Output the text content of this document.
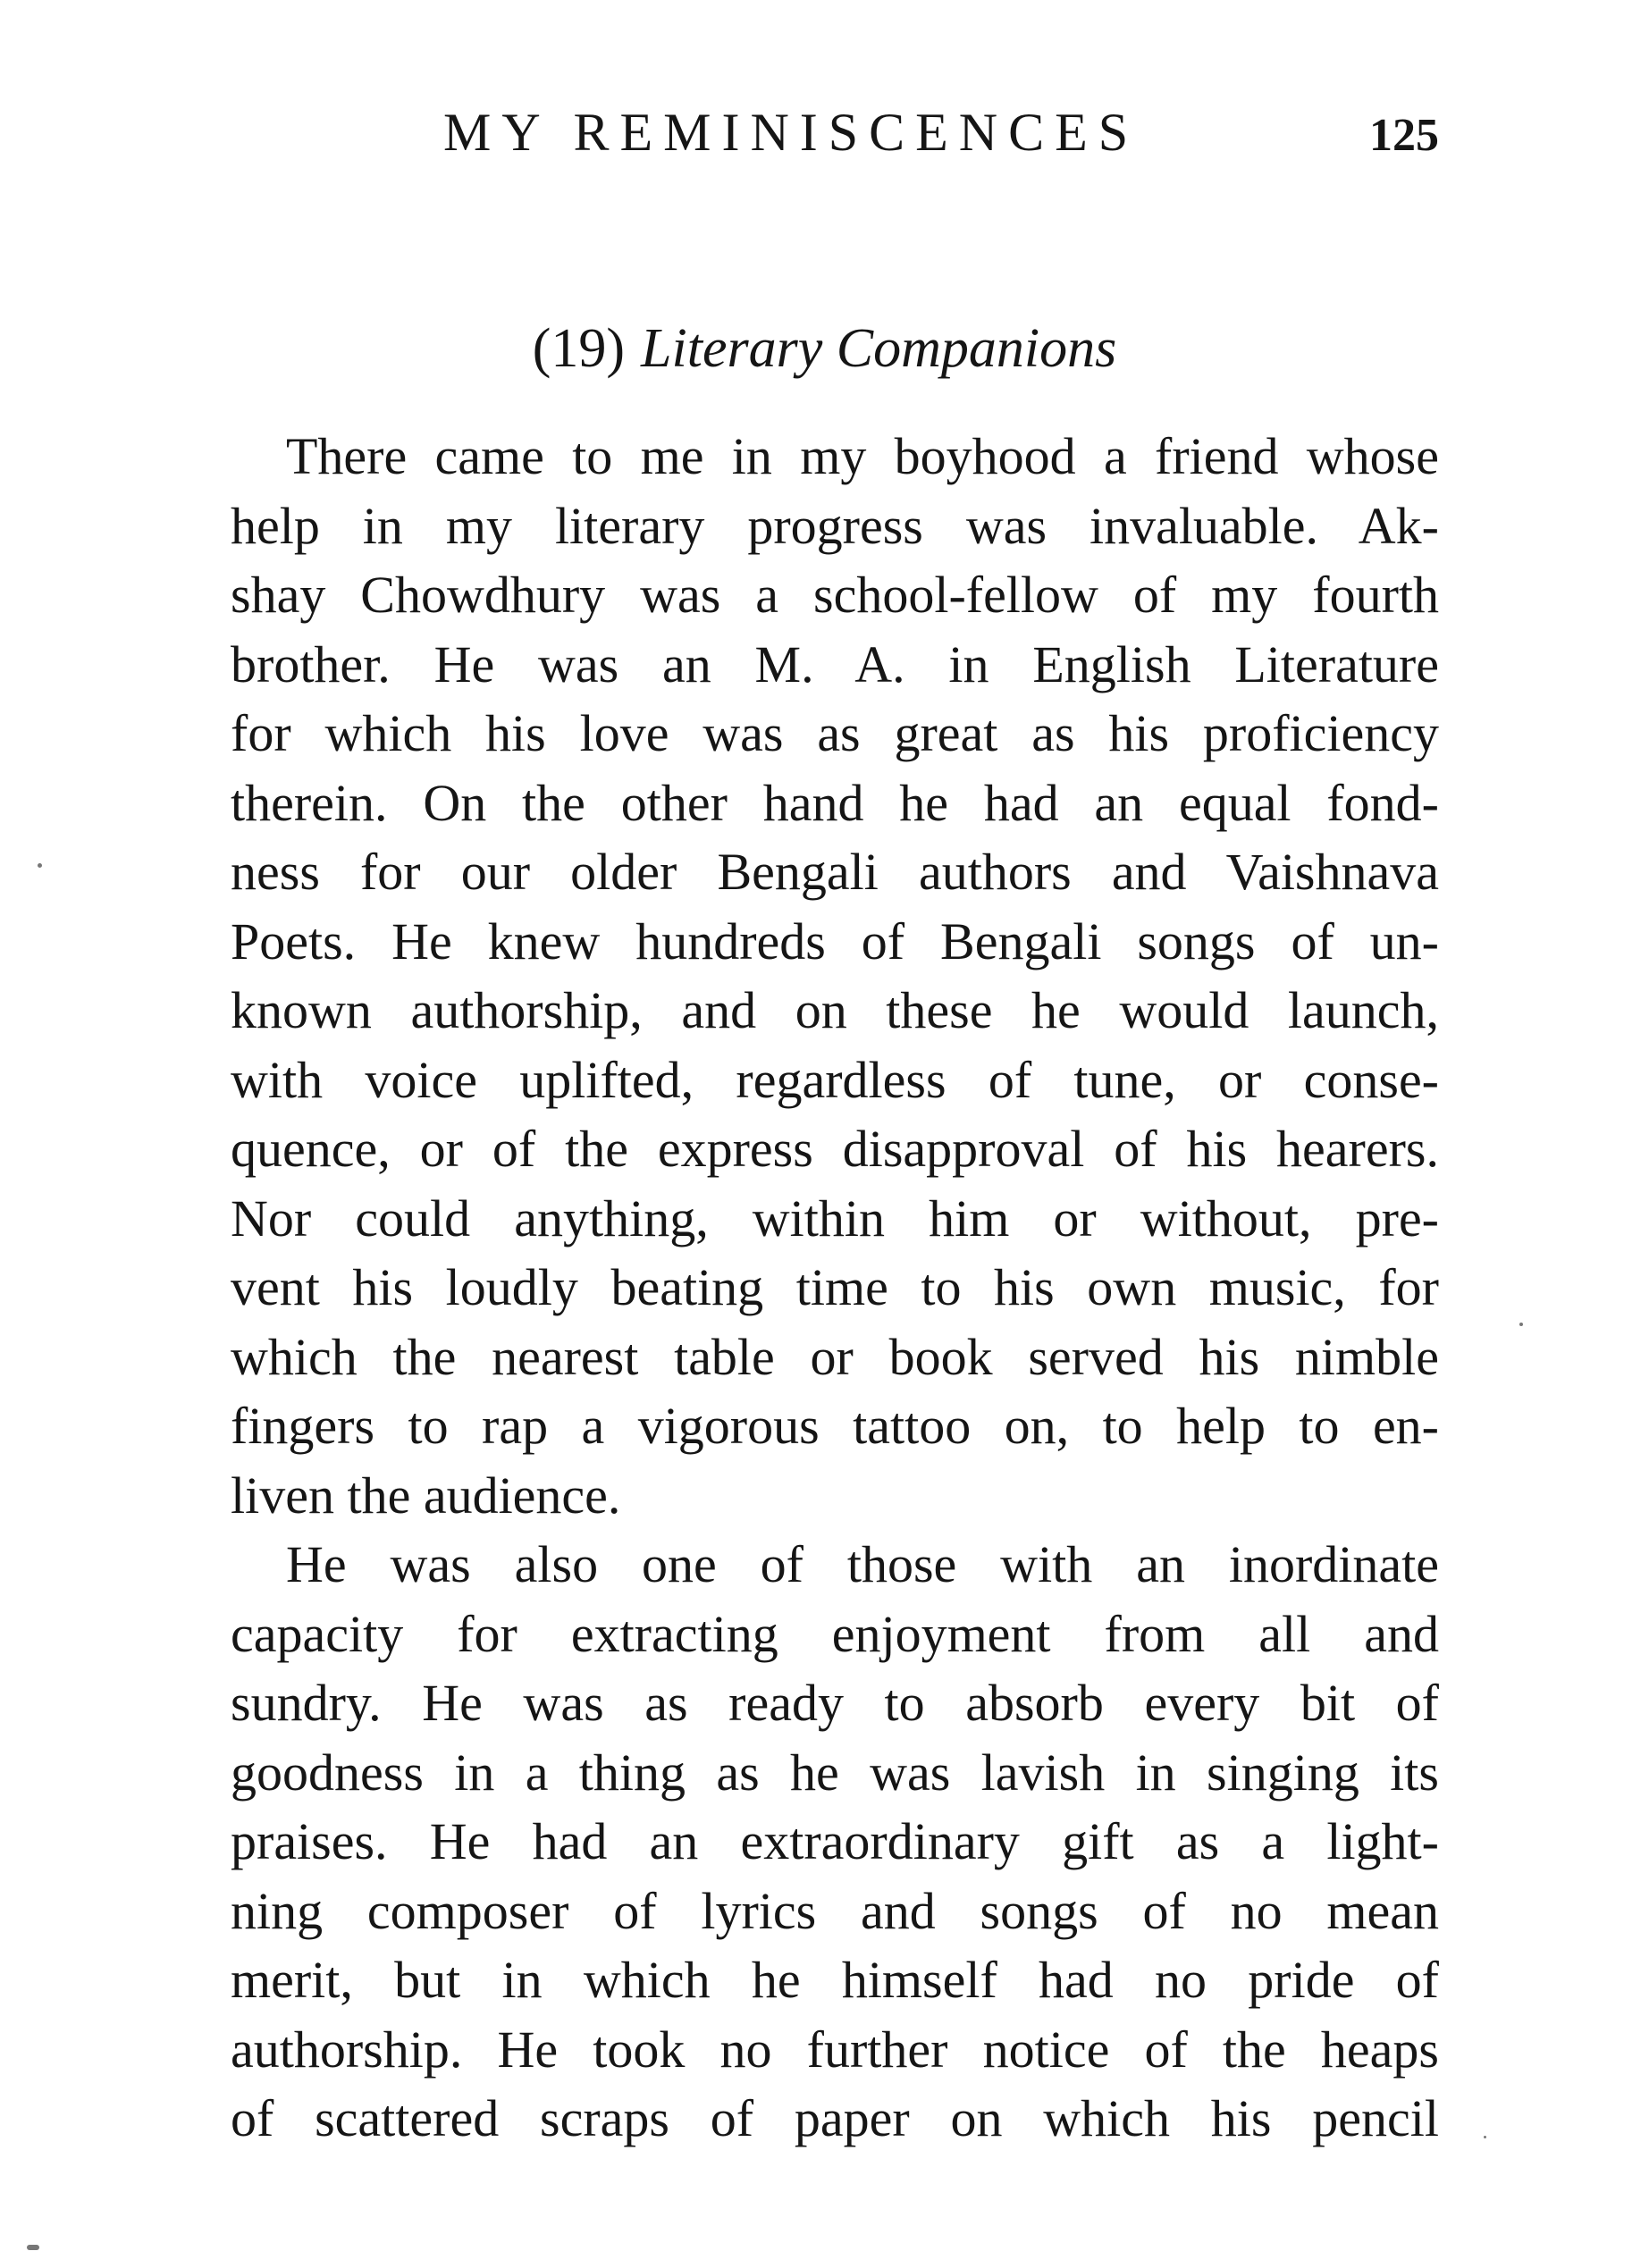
MY REMINISCENCES	125
(19) Literary Companions
There came to me in my boyhood a friend whose
help in my literary progress was invaluable. Ak-
shay Chowdhury was a school-fellow of my fourth
brother. He was an M. A. in English Literature
for which his love was as great as his proficiency
therein. On the other hand he had an equal fond-
ness for our older Bengali authors and Vaishnava
Poets. He knew hundreds of Bengali songs of un-
known authorship, and on these he would launch,
with voice uplifted, regardless of tune, or conse-
quence, or of the express disapproval of his hearers.
Nor could anything, within him or without, pre-
vent his loudly beating time to his own music, for
which the nearest table or book served his nimble
fingers to rap a vigorous tattoo on, to help to en-
liven the audience.
He was also one of those with an inordinate
capacity for extracting enjoyment from all and
sundry. He was as ready to absorb every bit of
goodness in a thing as he was lavish in singing its
praises. He had an extraordinary gift as a light-
ning composer of lyrics and songs of no mean
merit, but in which he himself had no pride of
authorship. He took no further notice of the heaps
of scattered scraps of paper on which his pencil
